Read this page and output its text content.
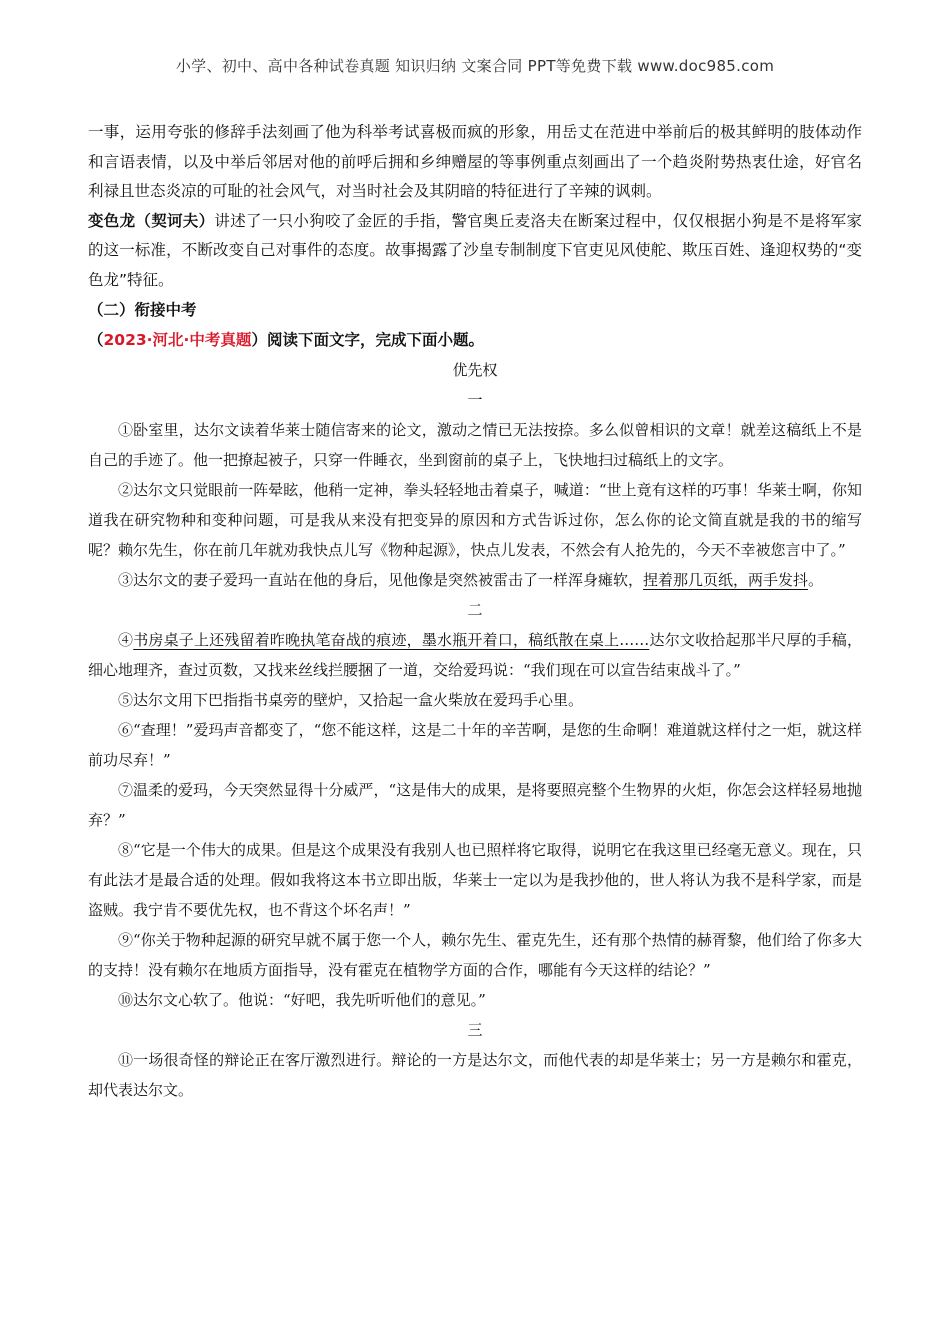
小学、初中、高中各种试卷真题 知识归纳 文案合同 PPT等免费下载 www.doc985.com

一事，运用夸张的修辞手法刻画了他为科举考试喜极而疯的形象，用岳丈在范进中举前后的极其鲜明的肢体动作和言语表情，以及中举后邻居对他的前呼后拥和乡绅赠屋的等事例重点刻画出了一个趋炎附势热衷仕途，好官名利禄且世态炎凉的可耻的社会风气，对当时社会及其阴暗的特征进行了辛辣的讽刺。

变色龙（契诃夫）讲述了一只小狗咬了金匠的手指，警官奥丘麦洛夫在断案过程中，仅仅根据小狗是不是将军家的这一标准，不断改变自己对事件的态度。故事揭露了沙皇专制制度下官吏见风使舵、欺压百姓、逢迎权势的“变色龙”特征。

（二）衔接中考

（2023·河北·中考真题）阅读下面文字，完成下面小题。

优先权

一

①卧室里，达尔文读着华莱士随信寄来的论文，激动之情已无法按捺。多么似曾相识的文章！就差这稿纸上不是自己的手迹了。他一把撩起被子，只穿一件睡衣，坐到窗前的桌子上，飞快地扫过稿纸上的文字。

②达尔文只觉眼前一阵晕眩，他稍一定神，拳头轻轻地击着桌子，喊道：“世上竟有这样的巧事！华莱士啊，你知道我在研究物种和变种问题，可是我从来没有把变异的原因和方式告诉过你，怎么你的论文简直就是我的书的缩写呢？赖尔先生，你在前几年就劝我快点儿写《物种起源》，快点儿发表，不然会有人抢先的，今天不幸被您言中了。”

③达尔文的妻子爱玛一直站在他的身后，见他像是突然被雷击了一样浑身瘫软，捏着那几页纸，两手发抖。

二

④书房桌子上还残留着昨晚执笔奋战的痕迹，墨水瓶开着口，稿纸散在桌上……达尔文收拾起那半尺厚的手稿，细心地理齐，查过页数，又找来丝线拦腰捆了一道，交给爱玛说：“我们现在可以宣告结束战斗了。”

⑤达尔文用下巴指指书桌旁的壁炉，又拾起一盒火柴放在爱玛手心里。

⑥“查理！”爱玛声音都变了，“您不能这样，这是二十年的辛苦啊，是您的生命啊！难道就这样付之一炬，就这样前功尽弃！”

⑦温柔的爱玛，今天突然显得十分威严，“这是伟大的成果，是将要照亮整个生物界的火炬，你怎会这样轻易地抛弃？”

⑧“它是一个伟大的成果。但是这个成果没有我别人也已照样将它取得，说明它在我这里已经毫无意义。现在，只有此法才是最合适的处理。假如我将这本书立即出版，华莱士一定以为是我抄他的，世人将认为我不是科学家，而是盗贼。我宁肯不要优先权，也不背这个坏名声！”

⑨“你关于物种起源的研究早就不属于您一个人，赖尔先生、霍克先生，还有那个热情的赫胥黎，他们给了你多大的支持！没有赖尔在地质方面指导，没有霍克在植物学方面的合作，哪能有今天这样的结论？”

⑩达尔文心软了。他说：“好吧，我先听听他们的意见。”

三

⑪一场很奇怪的辩论正在客厅激烈进行。辩论的一方是达尔文，而他代表的却是华莱士；另一方是赖尔和霍克，却代表达尔文。
